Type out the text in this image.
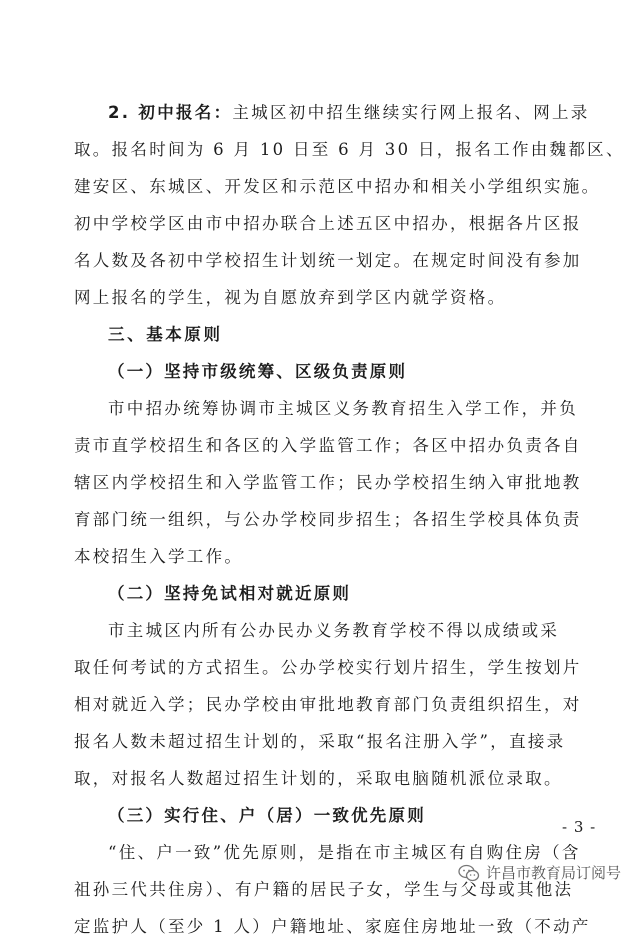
2. 初中报名：主城区初中招生继续实行网上报名、网上录
取。报名时间为 6 月 10 日至 6 月 30 日，报名工作由魏都区、
建安区、东城区、开发区和示范区中招办和相关小学组织实施。
初中学校学区由市中招办联合上述五区中招办，根据各片区报
名人数及各初中学校招生计划统一划定。在规定时间没有参加
网上报名的学生，视为自愿放弃到学区内就学资格。
三、基本原则
（一）坚持市级统筹、区级负责原则
市中招办统筹协调市主城区义务教育招生入学工作，并负
责市直学校招生和各区的入学监管工作；各区中招办负责各自
辖区内学校招生和入学监管工作；民办学校招生纳入审批地教
育部门统一组织，与公办学校同步招生；各招生学校具体负责
本校招生入学工作。
（二）坚持免试相对就近原则
市主城区内所有公办民办义务教育学校不得以成绩或采
取任何考试的方式招生。公办学校实行划片招生，学生按划片
相对就近入学；民办学校由审批地教育部门负责组织招生，对
报名人数未超过招生计划的，采取“报名注册入学”，直接录
取，对报名人数超过招生计划的，采取电脑随机派位录取。
（三）实行住、户（居）一致优先原则
“住、户一致”优先原则，是指在市主城区有自购住房（含
祖孙三代共住房）、有户籍的居民子女，学生与父母或其他法
定监护人（至少 1 人）户籍地址、家庭住房地址一致（不动产
- 3 -
许昌市教育局订阅号
